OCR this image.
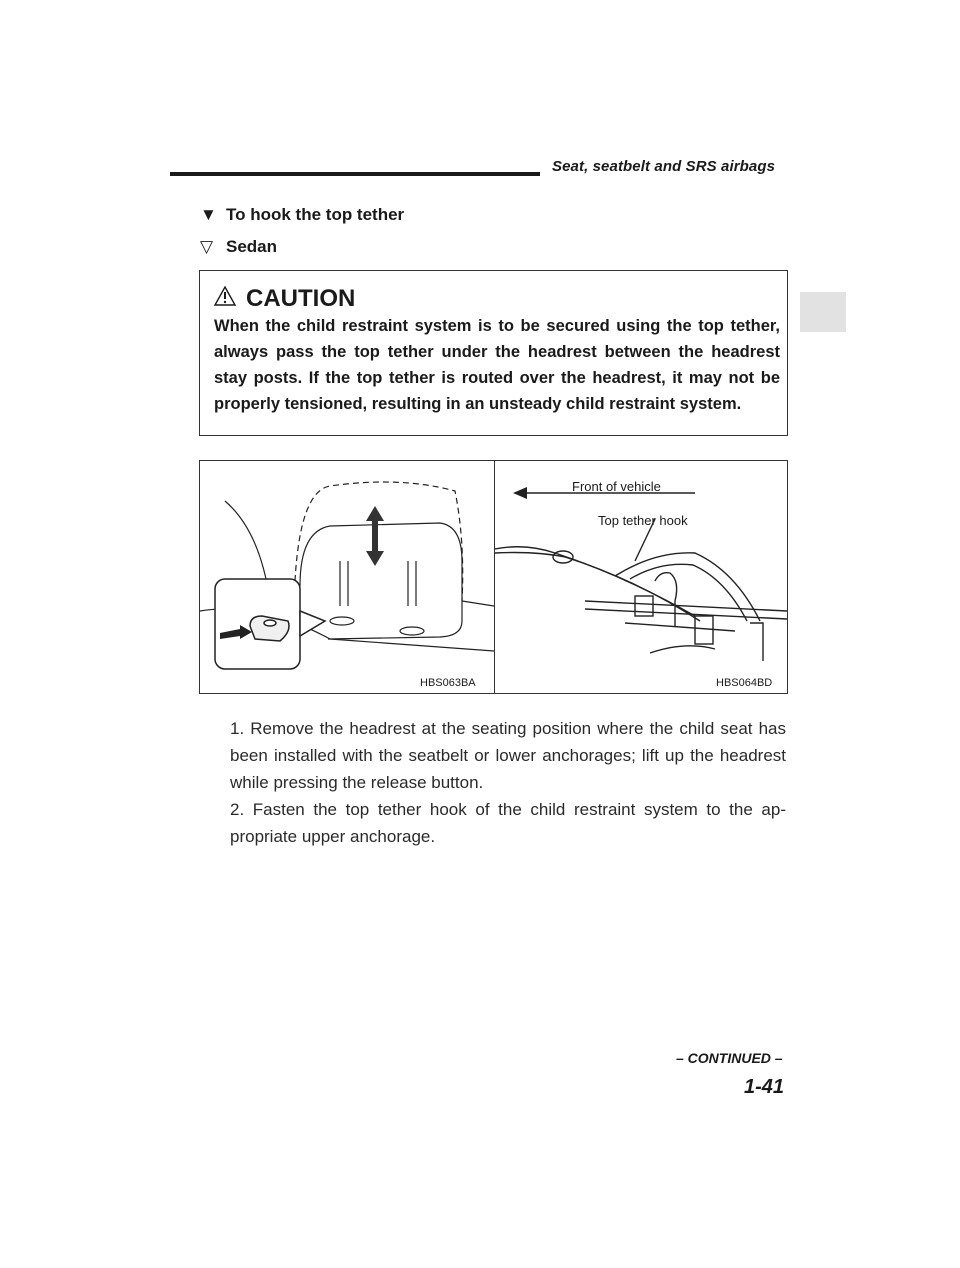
Seat, seatbelt and SRS airbags
▼ To hook the top tether
▽ Sedan
CAUTION
When the child restraint system is to be secured using the top tether, always pass the top tether under the headrest between the headrest stay posts. If the top tether is routed over the headrest, it may not be properly tensioned, resulting in an unsteady child restraint system.
Front of vehicle
Top tether hook
HBS063BA	HBS064BD

1. Remove the headrest at the seating position where the child seat has been installed with the seatbelt or lower anchorages; lift up the headrest while pressing the release button.

2. Fasten the top tether hook of the child restraint system to the ap-propriate upper anchorage.

– CONTINUED –
1-41
